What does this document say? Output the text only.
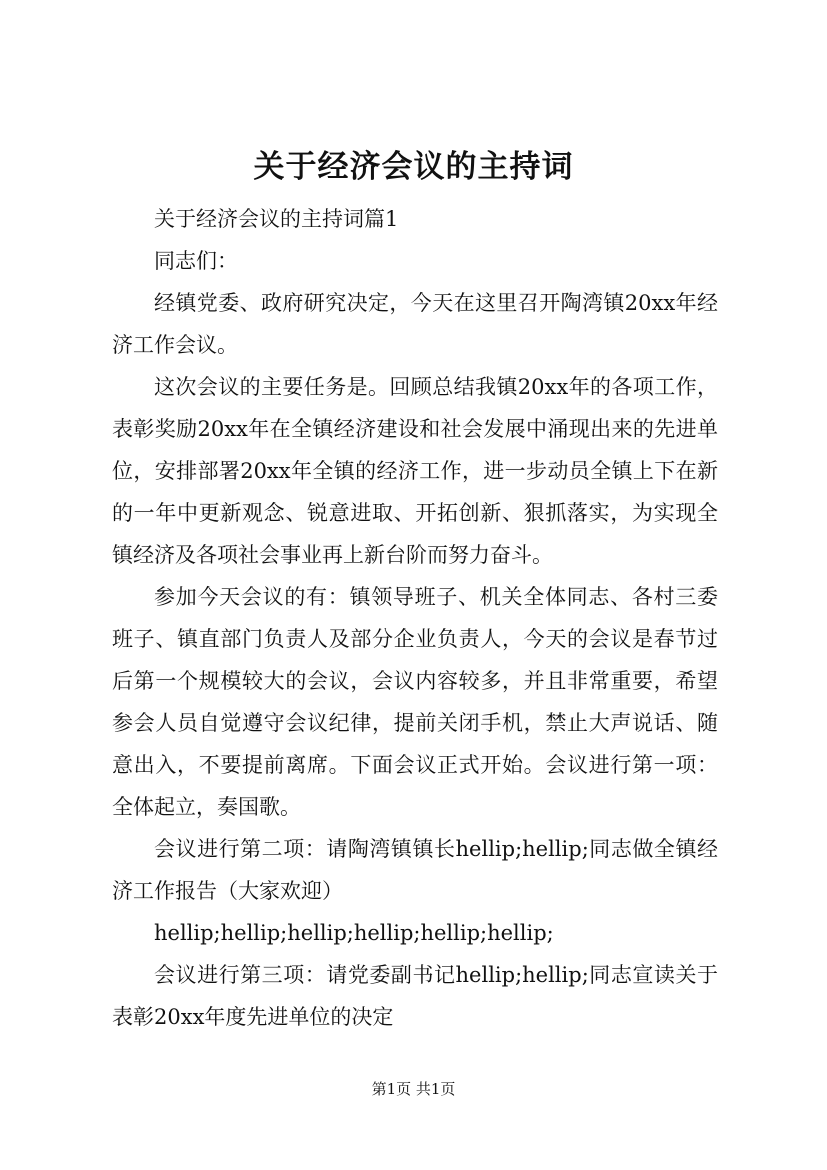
关于经济会议的主持词

关于经济会议的主持词篇1

同志们：

经镇党委、政府研究决定，今天在这里召开陶湾镇20xx年经济工作会议。

这次会议的主要任务是。回顾总结我镇20xx年的各项工作，表彰奖励20xx年在全镇经济建设和社会发展中涌现出来的先进单位，安排部署20xx年全镇的经济工作，进一步动员全镇上下在新的一年中更新观念、锐意进取、开拓创新、狠抓落实，为实现全镇经济及各项社会事业再上新台阶而努力奋斗。

参加今天会议的有：镇领导班子、机关全体同志、各村三委班子、镇直部门负责人及部分企业负责人，今天的会议是春节过后第一个规模较大的会议，会议内容较多，并且非常重要，希望参会人员自觉遵守会议纪律，提前关闭手机，禁止大声说话、随意出入，不要提前离席。下面会议正式开始。会议进行第一项：全体起立，奏国歌。

会议进行第二项：请陶湾镇镇长hellip;hellip;同志做全镇经济工作报告（大家欢迎）

hellip;hellip;hellip;hellip;hellip;hellip;

会议进行第三项：请党委副书记hellip;hellip;同志宣读关于表彰20xx年度先进单位的决定

第1页 共1页
